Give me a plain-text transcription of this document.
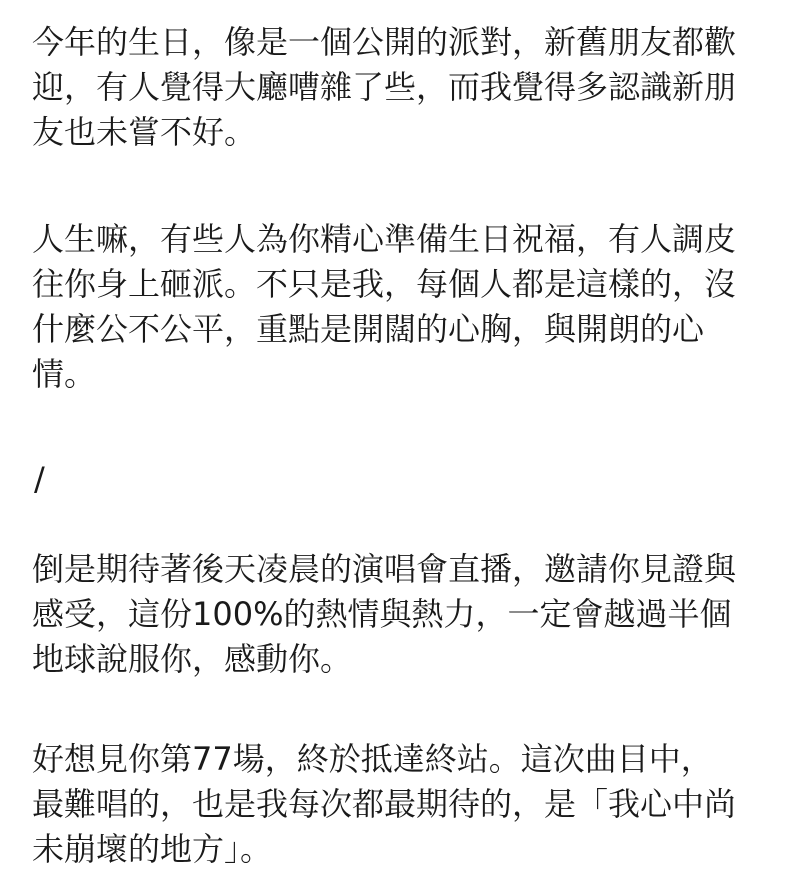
今年的生日，像是一個公開的派對，新舊朋友都歡
迎，有人覺得大廳嘈雜了些，而我覺得多認識新朋
友也未嘗不好。
人生嘛，有些人為你精心準備生日祝福，有人調皮
往你身上砸派。不只是我，每個人都是這樣的，沒
什麼公不公平，重點是開闊的心胸，與開朗的心
情。
/
倒是期待著後天凌晨的演唱會直播，邀請你見證與
感受，這份100%的熱情與熱力，一定會越過半個
地球說服你，感動你。
好想見你第77場，終於抵達終站。這次曲目中，
最難唱的，也是我每次都最期待的，是「我心中尚
未崩壞的地方」。
